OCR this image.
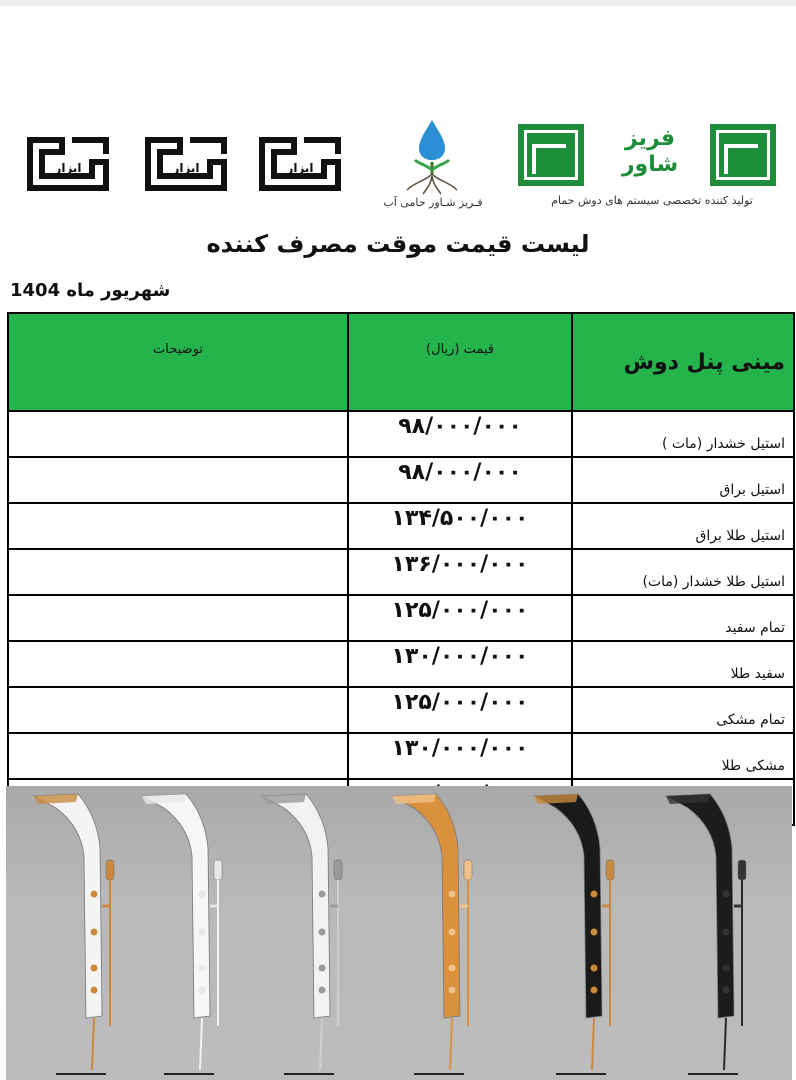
ایزار	ایزار	ایزار
فـریز شـاور حامی آب
فریز
شاور
تولید کننده تخصصی سیستم های دوش حمام
لیست قیمت موقت مصرف کننده
شهریور ماه 1404
مینی پنل دوش	قیمت (ریال)	توضیحات
استیل خشدار (مات )	۹۸/۰۰۰/۰۰۰	
استیل براق	۹۸/۰۰۰/۰۰۰	
استیل طلا براق	۱۳۴/۵۰۰/۰۰۰	
استیل طلا خشدار (مات)	۱۳۶/۰۰۰/۰۰۰	
تمام سفید	۱۲۵/۰۰۰/۰۰۰	
سفید طلا	۱۳۰/۰۰۰/۰۰۰	
تمام مشکی	۱۲۵/۰۰۰/۰۰۰	
مشکی طلا	۱۳۰/۰۰۰/۰۰۰	
